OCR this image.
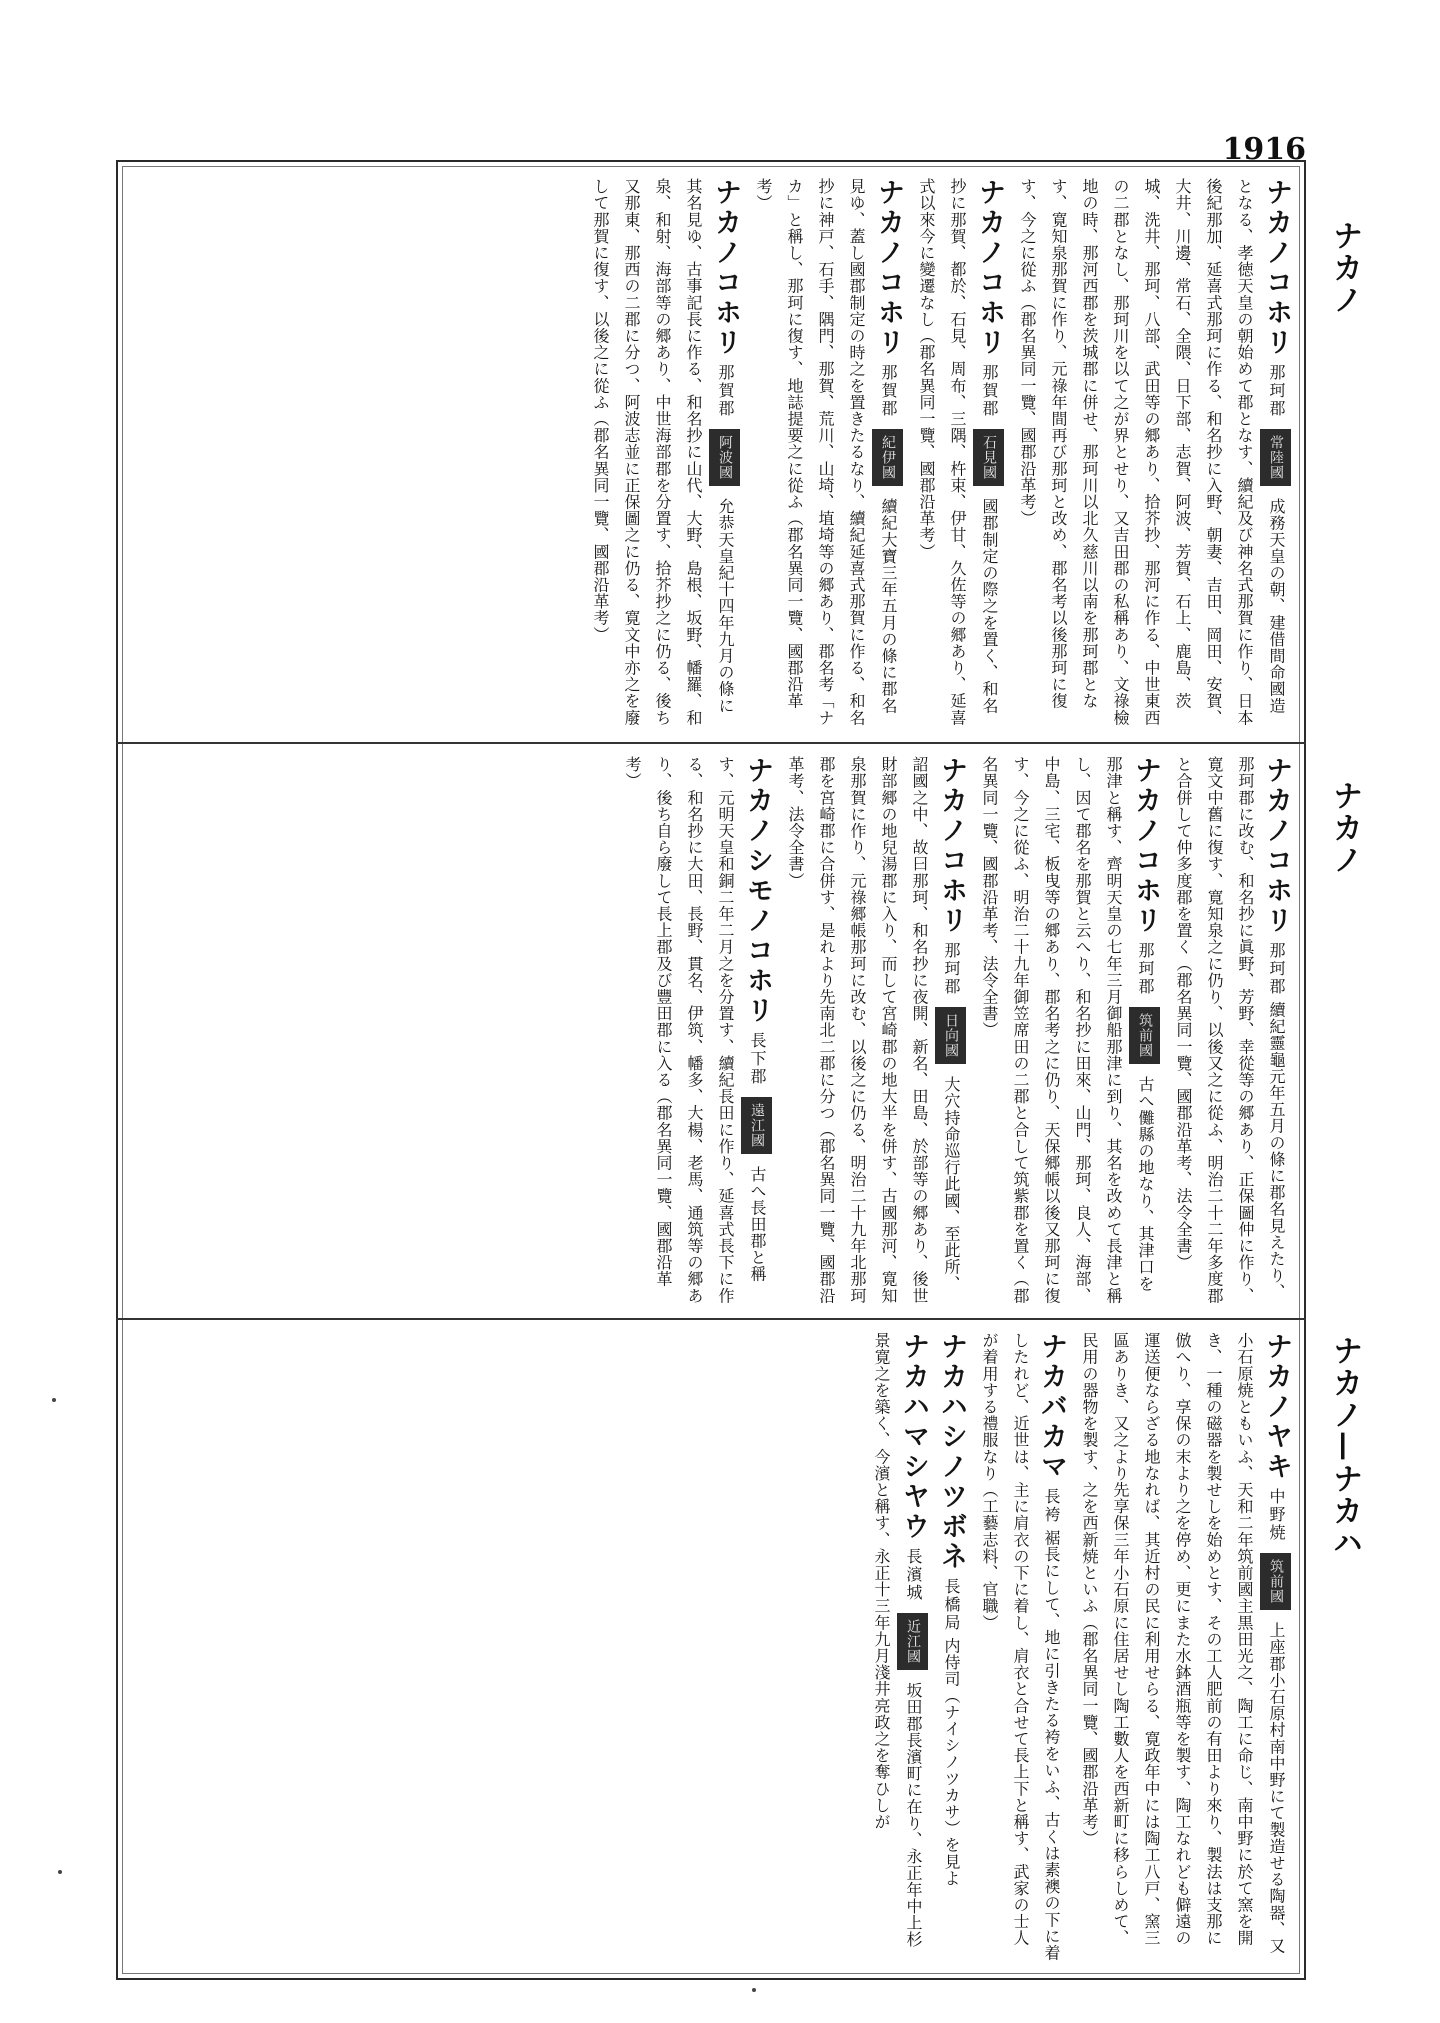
1916
ナカノ
ナカノ
ナカノ—ナカハ
ナカノコホリ 那珂郡 常陸國 成務天皇の朝、建借間命國造となる、孝徳天皇の朝始めて郡となす、續紀及び神名式那賀に作り、日本後紀那加、延喜式那珂に作る、和名抄に入野、朝妻、吉田、岡田、安賀、大井、川邊、常石、全隈、日下部、志賀、阿波、芳賀、石上、鹿島、茨城、洗井、那珂、八部、武田等の郷あり、拾芥抄、那河に作る、中世東西の二郡となし、那珂川を以て之が界とせり、又吉田郡の私稱あり、文祿檢地の時、那河西郡を茨城郡に併せ、那珂川以北久慈川以南を那珂郡となす、寛知泉那賀に作り、元祿年間再び那珂と改め、郡名考以後那珂に復す、今之に從ふ（郡名異同一覽、國郡沿革考）
ナカノコホリ 那賀郡 石見國 國郡制定の際之を置く、和名抄に那賀、都於、石見、周布、三隅、杵束、伊甘、久佐等の郷あり、延喜式以來今に變遷なし（郡名異同一覽、國郡沿革考）
ナカノコホリ 那賀郡 紀伊國 續紀大寶三年五月の條に郡名見ゆ、蓋し國郡制定の時之を置きたるなり、續紀延喜式那賀に作る、和名抄に神戸、石手、隅門、那賀、荒川、山埼、埴埼等の郷あり、郡名考「ナカ」と稱し、那珂に復す、地誌提要之に從ふ（郡名異同一覽、國郡沿革考）
ナカノコホリ 那賀郡 阿波國 允恭天皇紀十四年九月の條に其名見ゆ、古事記長に作る、和名抄に山代、大野、島根、坂野、幡羅、和泉、和射、海部等の郷あり、中世海部郡を分置す、拾芥抄之に仍る、後ち又那東、那西の二郡に分つ、阿波志並に正保圖之に仍る、寛文中亦之を廢して那賀に復す、以後之に從ふ（郡名異同一覽、國郡沿革考）
ナカノコホリ 那珂郡 續紀靈龜元年五月の條に郡名見えたり、那珂郡に改む、和名抄に眞野、芳野、幸從等の郷あり、正保圖仲に作り、寛文中舊に復す、寛知泉之に仍り、以後又之に從ふ、明治二十二年多度郡と合併して仲多度郡を置く（郡名異同一覽、國郡沿革考、法令全書）
ナカノコホリ 那珂郡 筑前國 古へ儺縣の地なり、其津口を那津と稱す、齊明天皇の七年三月御船那津に到り、其名を改めて長津と稱し、因て郡名を那賀と云へり、和名抄に田來、山門、那珂、良人、海部、中島、三宅、板曳等の郷あり、郡名考之に仍り、天保郷帳以後又那珂に復す、今之に從ふ、明治二十九年御笠席田の二郡と合して筑紫郡を置く（郡名異同一覽、國郡沿革考、法令全書）
ナカノコホリ 那珂郡 日向國 大穴持命巡行此國、至此所、詔國之中、故曰那珂、和名抄に夜開、新名、田島、於部等の郷あり、後世財部郷の地兒湯郡に入り、而して宮崎郡の地大半を併す、古國那河、寛知泉那賀に作り、元祿郷帳那珂に改む、以後之に仍る、明治二十九年北那珂郡を宮崎郡に合併す、是れより先南北二郡に分つ（郡名異同一覽、國郡沿革考、法令全書）
ナカノシモノコホリ 長下郡 遠江國 古へ長田郡と稱す、元明天皇和銅二年二月之を分置す、續紀長田に作り、延喜式長下に作る、和名抄に大田、長野、貫名、伊筑、幡多、大楊、老馬、通筑等の郷あり、後ち自ら廢して長上郡及び豐田郡に入る（郡名異同一覽、國郡沿革考）
ナカノヤキ 中野焼 筑前國 上座郡小石原村南中野にて製造せる陶器、又小石原焼ともいふ、天和二年筑前國主黒田光之、陶工に命じ、南中野に於て窯を開き、一種の磁器を製せしを始めとす、その工人肥前の有田より來り、製法は支那に倣へり、享保の末より之を停め、更にまた水鉢酒瓶等を製す、陶工なれども僻遠の運送便ならざる地なれば、其近村の民に利用せらる、寛政年中には陶工八戸、窯三區ありき、又之より先享保三年小石原に住居せし陶工數人を西新町に移らしめて、民用の器物を製す、之を西新焼といふ（郡名異同一覽、國郡沿革考）
ナカバカマ 長袴 裾長にして、地に引きたる袴をいふ、古くは素襖の下に着したれど、近世は、主に肩衣の下に着し、肩衣と合せて長上下と稱す、武家の士人が着用する禮服なり（工藝志料、官職）
ナカハシノツボネ 長橋局 内侍司（ナイシノツカサ）を見よ
ナカハマシヤウ 長濱城 近江國 坂田郡長濱町に在り、永正年中上杉景寛之を築く、今濱と稱す、永正十三年九月淺井亮政之を奪ひしが
